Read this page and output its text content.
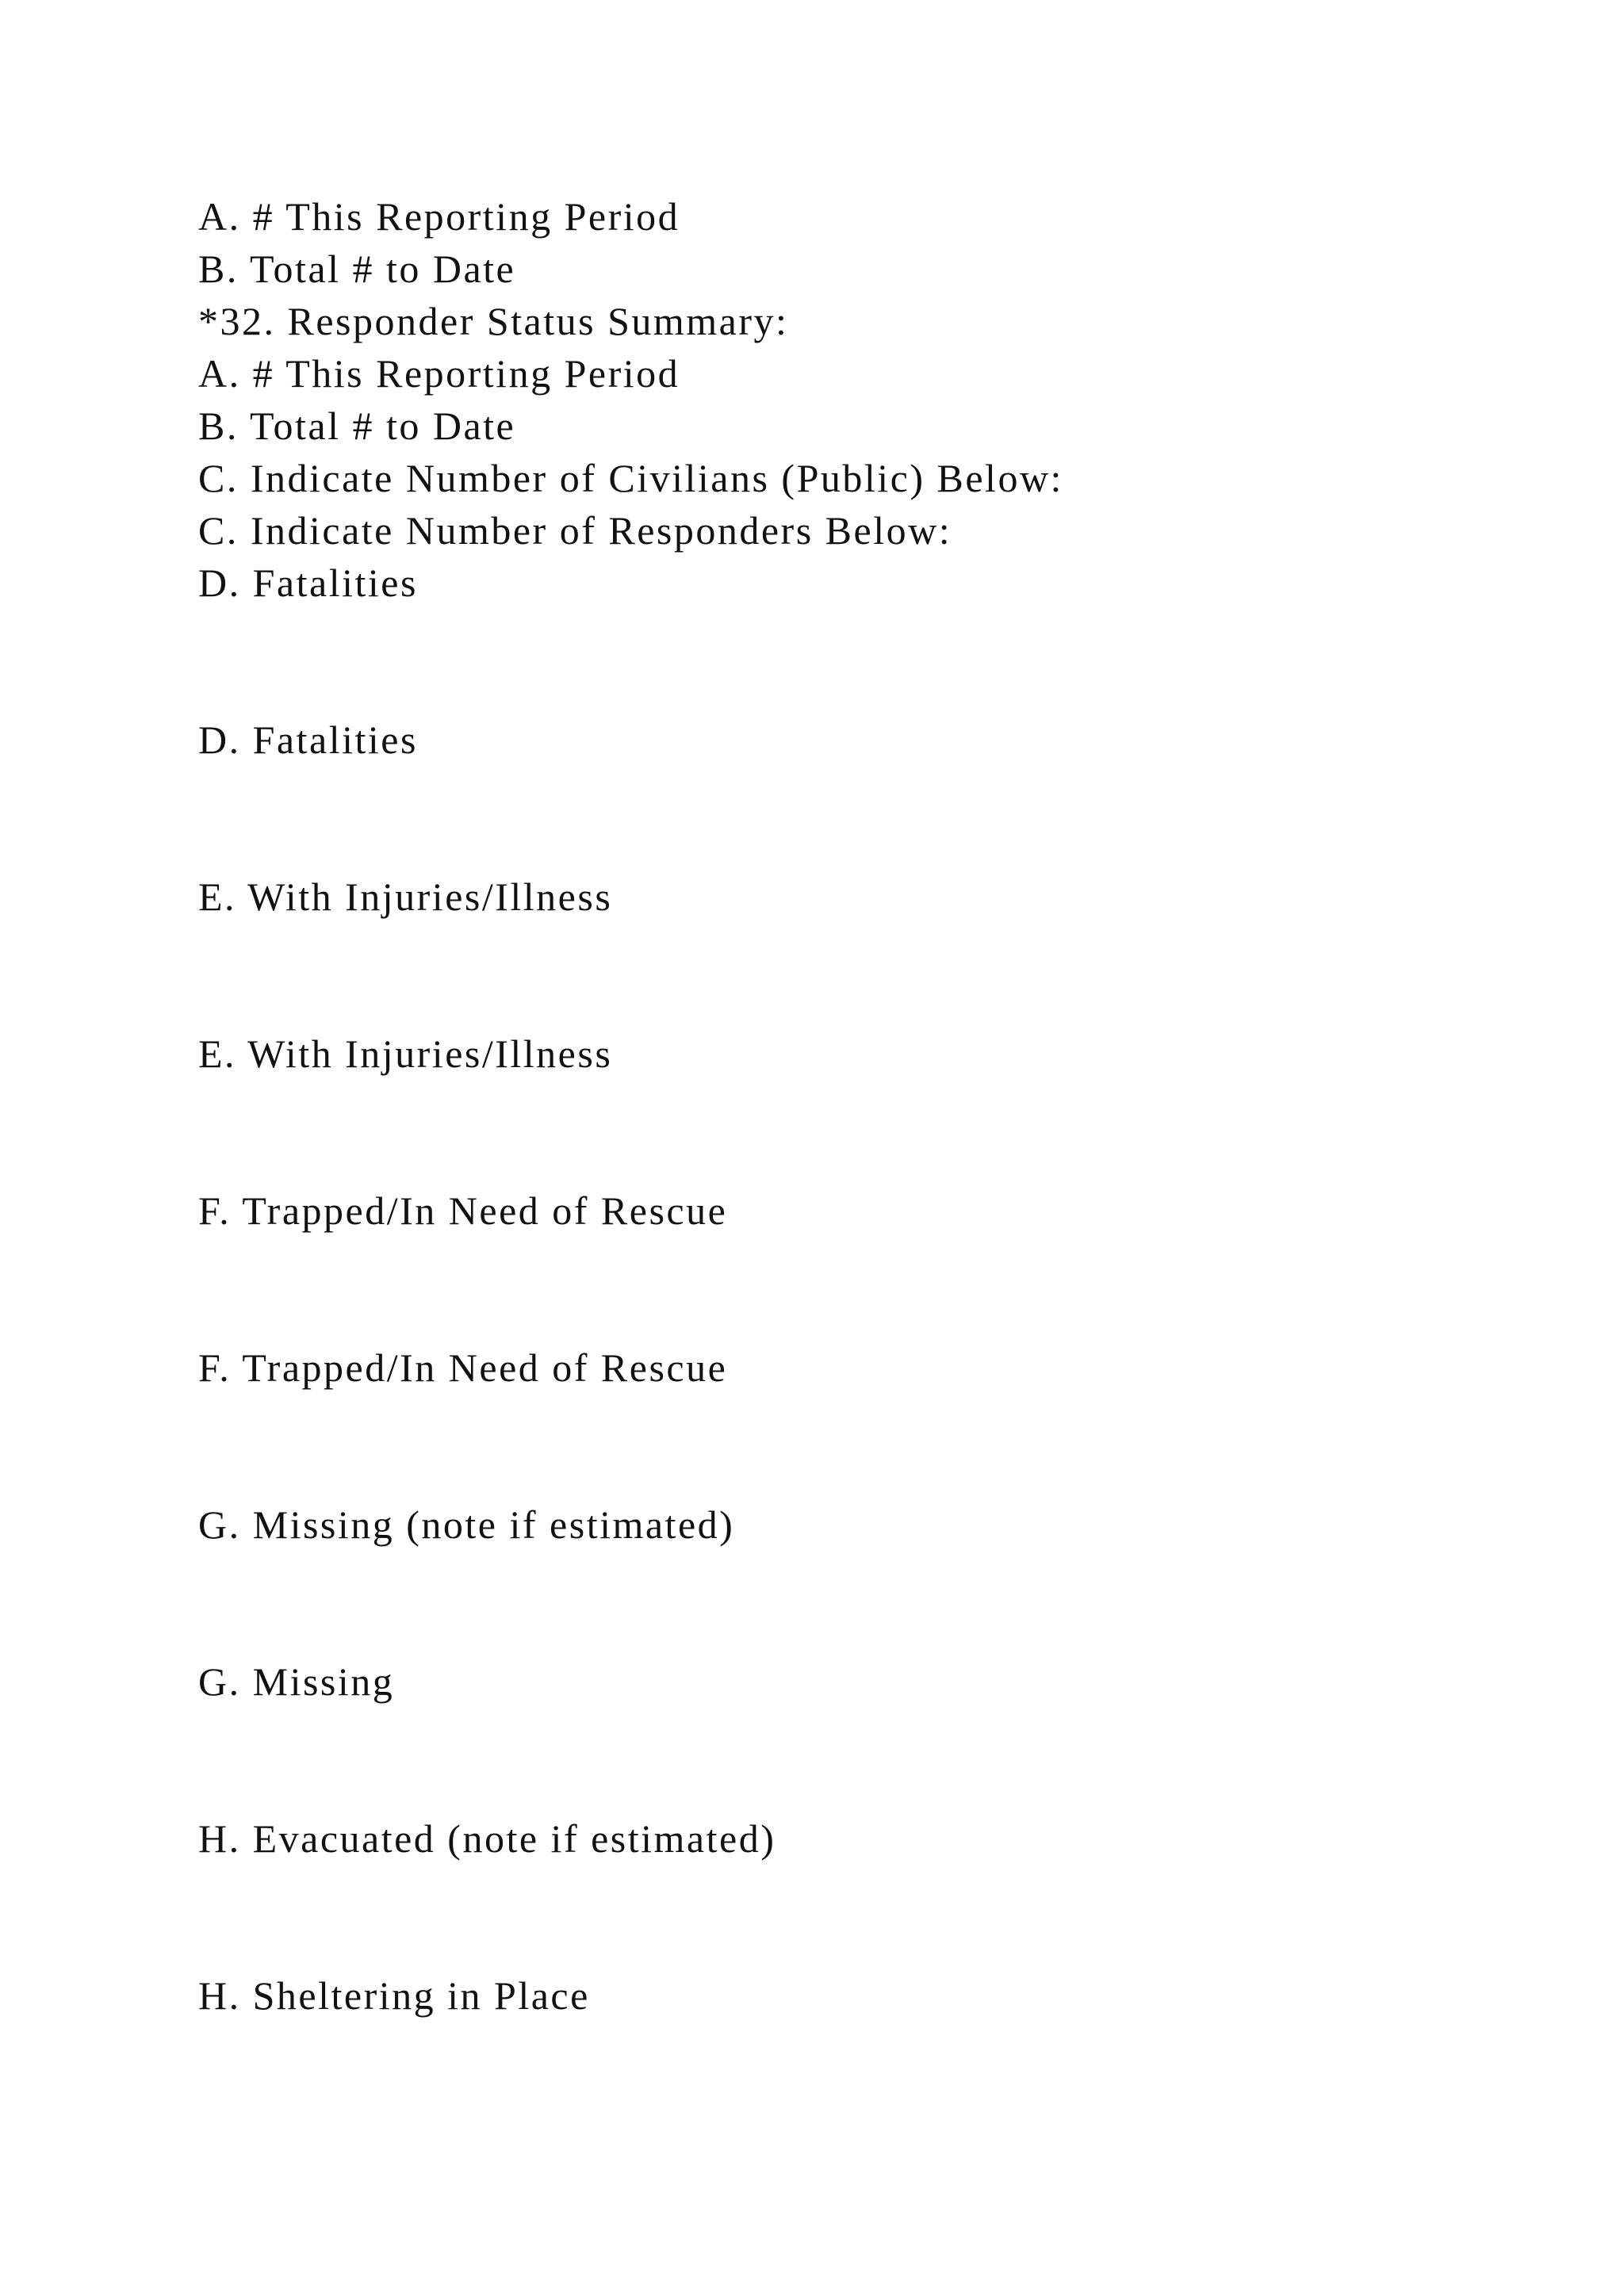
A. # This Reporting Period
B. Total # to Date
*32. Responder Status Summary:
A. # This Reporting Period
B. Total # to Date
C. Indicate Number of Civilians (Public) Below:
C. Indicate Number of Responders Below:
D. Fatalities
D. Fatalities
E. With Injuries/Illness
E. With Injuries/Illness
F. Trapped/In Need of Rescue
F. Trapped/In Need of Rescue
G. Missing (note if estimated)
G. Missing
H. Evacuated (note if estimated)
H. Sheltering in Place
